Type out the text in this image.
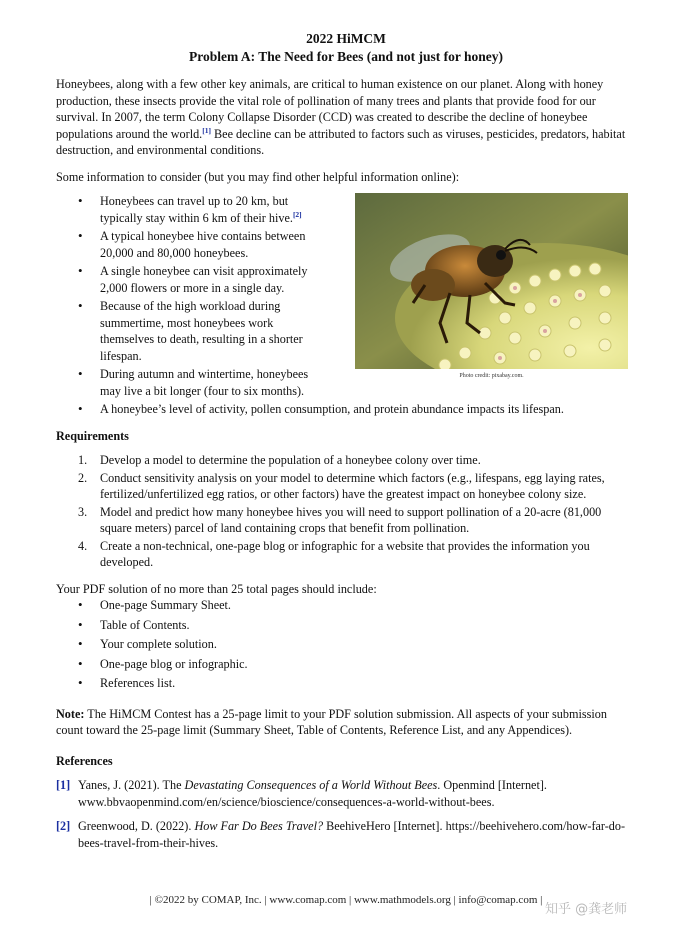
2022 HiMCM

Problem A: The Need for Bees (and not just for honey)

Honeybees, along with a few other key animals, are critical to human existence on our planet. Along with honey production, these insects provide the vital role of pollination of many trees and plants that provide food for our survival. In 2007, the term Colony Collapse Disorder (CCD) was created to describe the decline of honeybee populations around the world.[1] Bee decline can be attributed to factors such as viruses, pesticides, predators, habitat destruction, and environmental conditions.

Some information to consider (but you may find other helpful information online):

Photo credit: pixabay.com.
• Honeybees can travel up to 20 km, but typically stay within 6 km of their hive.[2]
• A typical honeybee hive contains between 20,000 and 80,000 honeybees.
• A single honeybee can visit approximately 2,000 flowers or more in a single day.
• Because of the high workload during summertime, most honeybees work themselves to death, resulting in a shorter lifespan.
• During autumn and wintertime, honeybees may live a bit longer (four to six months).
• A honeybee’s level of activity, pollen consumption, and protein abundance impacts its lifespan.
Requirements
1. Develop a model to determine the population of a honeybee colony over time.
2. Conduct sensitivity analysis on your model to determine which factors (e.g., lifespans, egg laying rates, fertilized/unfertilized egg ratios, or other factors) have the greatest impact on honeybee colony size.
3. Model and predict how many honeybee hives you will need to support pollination of a 20-acre (81,000 square meters) parcel of land containing crops that benefit from pollination.
4. Create a non-technical, one-page blog or infographic for a website that provides the information you developed.

Your PDF solution of no more than 25 total pages should include:

• One-page Summary Sheet.
• Table of Contents.
• Your complete solution.
• One-page blog or infographic.
• References list.

Note: The HiMCM Contest has a 25-page limit to your PDF solution submission. All aspects of your submission count toward the 25-page limit (Summary Sheet, Table of Contents, Reference List, and any Appendices).

References
[1] Yanes, J. (2021). The Devastating Consequences of a World Without Bees. Openmind [Internet]. www.bbvaopenmind.com/en/science/bioscience/consequences-a-world-without-bees.
[2] Greenwood, D. (2022). How Far Do Bees Travel? BeehiveHero [Internet]. https://beehivehero.com/how-far-do-bees-travel-from-their-hives.
| ©2022 by COMAP, Inc. | www.comap.com | www.mathmodels.org | info@comap.com |
知乎 @龚老师
